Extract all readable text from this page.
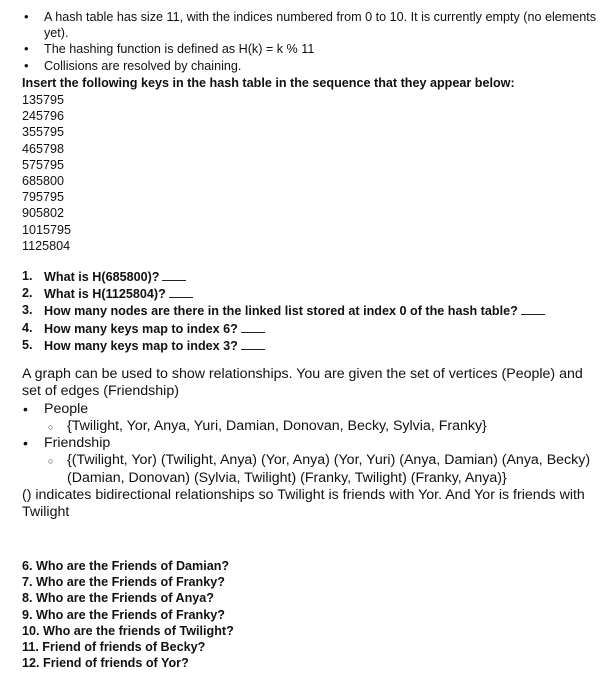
• A hash table has size 11, with the indices numbered from 0 to 10. It is currently empty (no elements yet).
• The hashing function is defined as H(k) = k % 11
• Collisions are resolved by chaining.
Insert the following keys in the hash table in the sequence that they appear below:
135795
245796
355795
465798
575795
685800
795795
905802
1015795
1125804
1. What is H(685800)?
2. What is H(1125804)?
3. How many nodes are there in the linked list stored at index 0 of the hash table?
4. How many keys map to index 6?
5. How many keys map to index 3?

A graph can be used to show relationships. You are given the set of vertices (People) and set of edges (Friendship)

• People
○ {Twilight, Yor, Anya, Yuri, Damian, Donovan, Becky, Sylvia, Franky}
• Friendship
○ {(Twilight, Yor) (Twilight, Anya) (Yor, Anya) (Yor, Yuri) (Anya, Damian) (Anya, Becky) (Damian, Donovan) (Sylvia, Twilight) (Franky, Twilight) (Franky, Anya)}

() indicates bidirectional relationships so Twilight is friends with Yor. And Yor is friends with Twilight

6. Who are the Friends of Damian?
7. Who are the Friends of Franky?
8. Who are the Friends of Anya?
9. Who are the Friends of Franky?
10. Who are the friends of Twilight?
11. Friend of friends of Becky?
12. Friend of friends of Yor?
